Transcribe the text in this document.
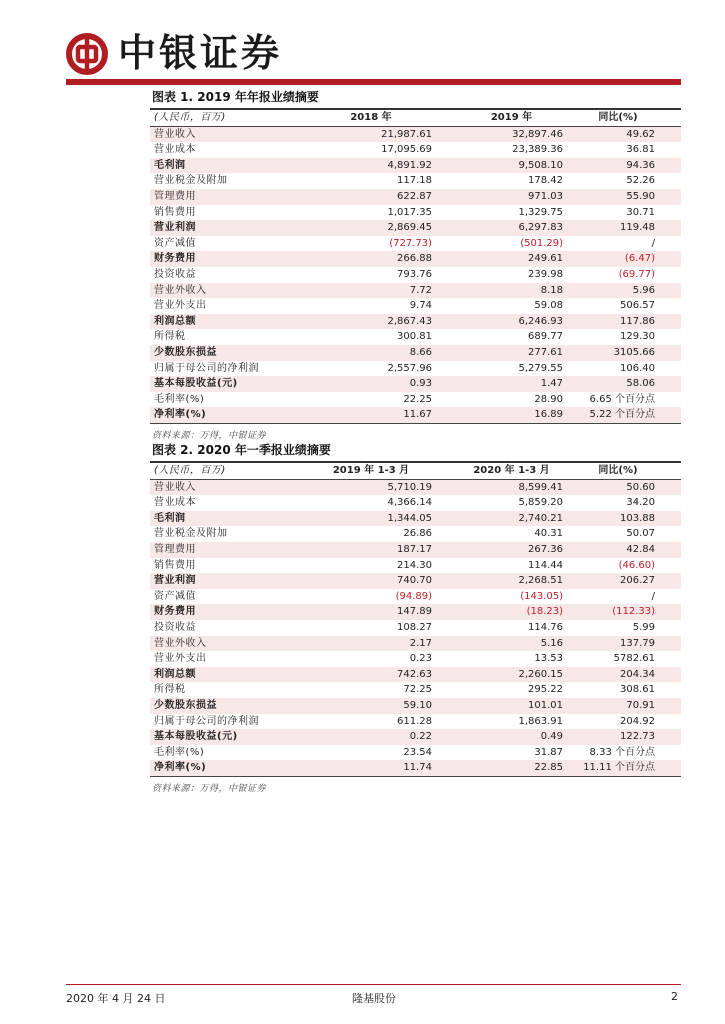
中银证券
图表 1. 2019 年年报业绩摘要
(人民币，百万)	2018 年	2019 年	同比(%)
营业收入	21,987.61	32,897.46	49.62
营业成本	17,095.69	23,389.36	36.81
毛利润	4,891.92	9,508.10	94.36
营业税金及附加	117.18	178.42	52.26
管理费用	622.87	971.03	55.90
销售费用	1,017.35	1,329.75	30.71
营业利润	2,869.45	6,297.83	119.48
资产减值	(727.73)	(501.29)	/
财务费用	266.88	249.61	(6.47)
投资收益	793.76	239.98	(69.77)
营业外收入	7.72	8.18	5.96
营业外支出	9.74	59.08	506.57
利润总额	2,867.43	6,246.93	117.86
所得税	300.81	689.77	129.30
少数股东损益	8.66	277.61	3105.66
归属于母公司的净利润	2,557.96	5,279.55	106.40
基本每股收益(元)	0.93	1.47	58.06
毛利率(%)	22.25	28.90	6.65 个百分点
净利率(%)	11.67	16.89	5.22 个百分点
资料来源：万得，中银证券
图表 2. 2020 年一季报业绩摘要
(人民币，百万)	2019 年 1-3 月	2020 年 1-3 月	同比(%)
营业收入	5,710.19	8,599.41	50.60
营业成本	4,366.14	5,859.20	34.20
毛利润	1,344.05	2,740.21	103.88
营业税金及附加	26.86	40.31	50.07
管理费用	187.17	267.36	42.84
销售费用	214.30	114.44	(46.60)
营业利润	740.70	2,268.51	206.27
资产减值	(94.89)	(143.05)	/
财务费用	147.89	(18.23)	(112.33)
投资收益	108.27	114.76	5.99
营业外收入	2.17	5.16	137.79
营业外支出	0.23	13.53	5782.61
利润总额	742.63	2,260.15	204.34
所得税	72.25	295.22	308.61
少数股东损益	59.10	101.01	70.91
归属于母公司的净利润	611.28	1,863.91	204.92
基本每股收益(元)	0.22	0.49	122.73
毛利率(%)	23.54	31.87	8.33 个百分点
净利率(%)	11.74	22.85	11.11 个百分点
资料来源：万得，中银证券
2020 年 4 月 24 日	隆基股份	2
